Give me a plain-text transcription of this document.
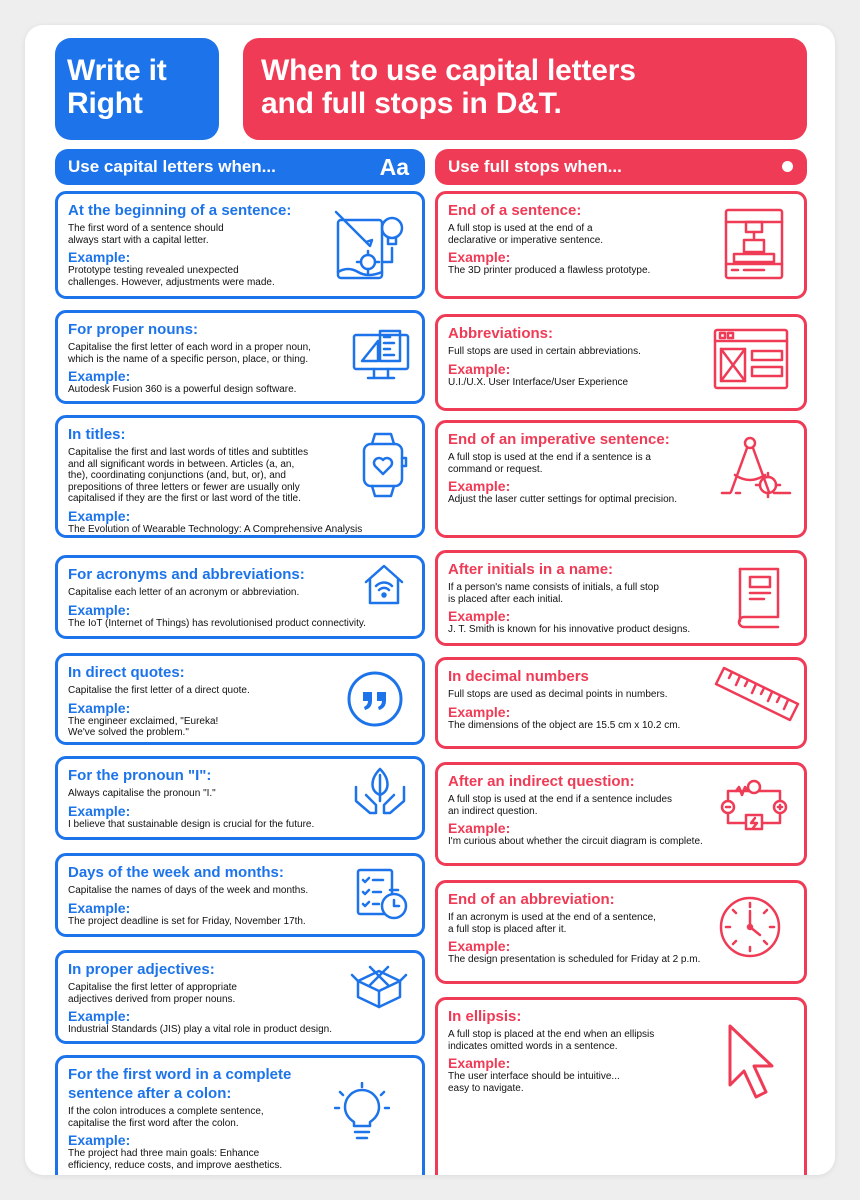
Write it
Right
When to use capital letters
and full stops in D&T.
Use capital letters when...	Aa	Use full stops when...
At the beginning of a sentence:
The first word of a sentence should
always start with a capital letter.
Example:
Prototype testing revealed unexpected
challenges. However, adjustments were made.
For proper nouns:
Capitalise the first letter of each word in a proper noun,
which is the name of a specific person, place, or thing.
Example:
Autodesk Fusion 360 is a powerful design software.
In titles:
Capitalise the first and last words of titles and subtitles
and all significant words in between. Articles (a, an,
the), coordinating conjunctions (and, but, or), and
prepositions of three letters or fewer are usually only
capitalised if they are the first or last word of the title.
Example:
The Evolution of Wearable Technology: A Comprehensive Analysis
For acronyms and abbreviations:
Capitalise each letter of an acronym or abbreviation.
Example:
The IoT (Internet of Things) has revolutionised product connectivity.
In direct quotes:
Capitalise the first letter of a direct quote.
Example:
The engineer exclaimed, "Eureka!
We've solved the problem."
For the pronoun "I":
Always capitalise the pronoun "I."
Example:
I believe that sustainable design is crucial for the future.
Days of the week and months:
Capitalise the names of days of the week and months.
Example:
The project deadline is set for Friday, November 17th.
In proper adjectives:
Capitalise the first letter of appropriate
adjectives derived from proper nouns.
Example:
Industrial Standards (JIS) play a vital role in product design.
For the first word in a complete
sentence after a colon:
If the colon introduces a complete sentence,
capitalise the first word after the colon.
Example:
The project had three main goals: Enhance
efficiency, reduce costs, and improve aesthetics.
End of a sentence:
A full stop is used at the end of a
declarative or imperative sentence.
Example:
The 3D printer produced a flawless prototype.
Abbreviations:
Full stops are used in certain abbreviations.
Example:
U.I./U.X. User Interface/User Experience
End of an imperative sentence:
A full stop is used at the end if a sentence is a
command or request.
Example:
Adjust the laser cutter settings for optimal precision.
After initials in a name:
If a person's name consists of initials, a full stop
is placed after each initial.
Example:
J. T. Smith is known for his innovative product designs.
In decimal numbers
Full stops are used as decimal points in numbers.
Example:
The dimensions of the object are 15.5 cm x 10.2 cm.
After an indirect question:
A full stop is used at the end if a sentence includes
an indirect question.
Example:
I'm curious about whether the circuit diagram is complete.
End of an abbreviation:
If an acronym is used at the end of a sentence,
a full stop is placed after it.
Example:
The design presentation is scheduled for Friday at 2 p.m.
In ellipsis:
A full stop is placed at the end when an ellipsis
indicates omitted words in a sentence.
Example:
The user interface should be intuitive...
easy to navigate.
